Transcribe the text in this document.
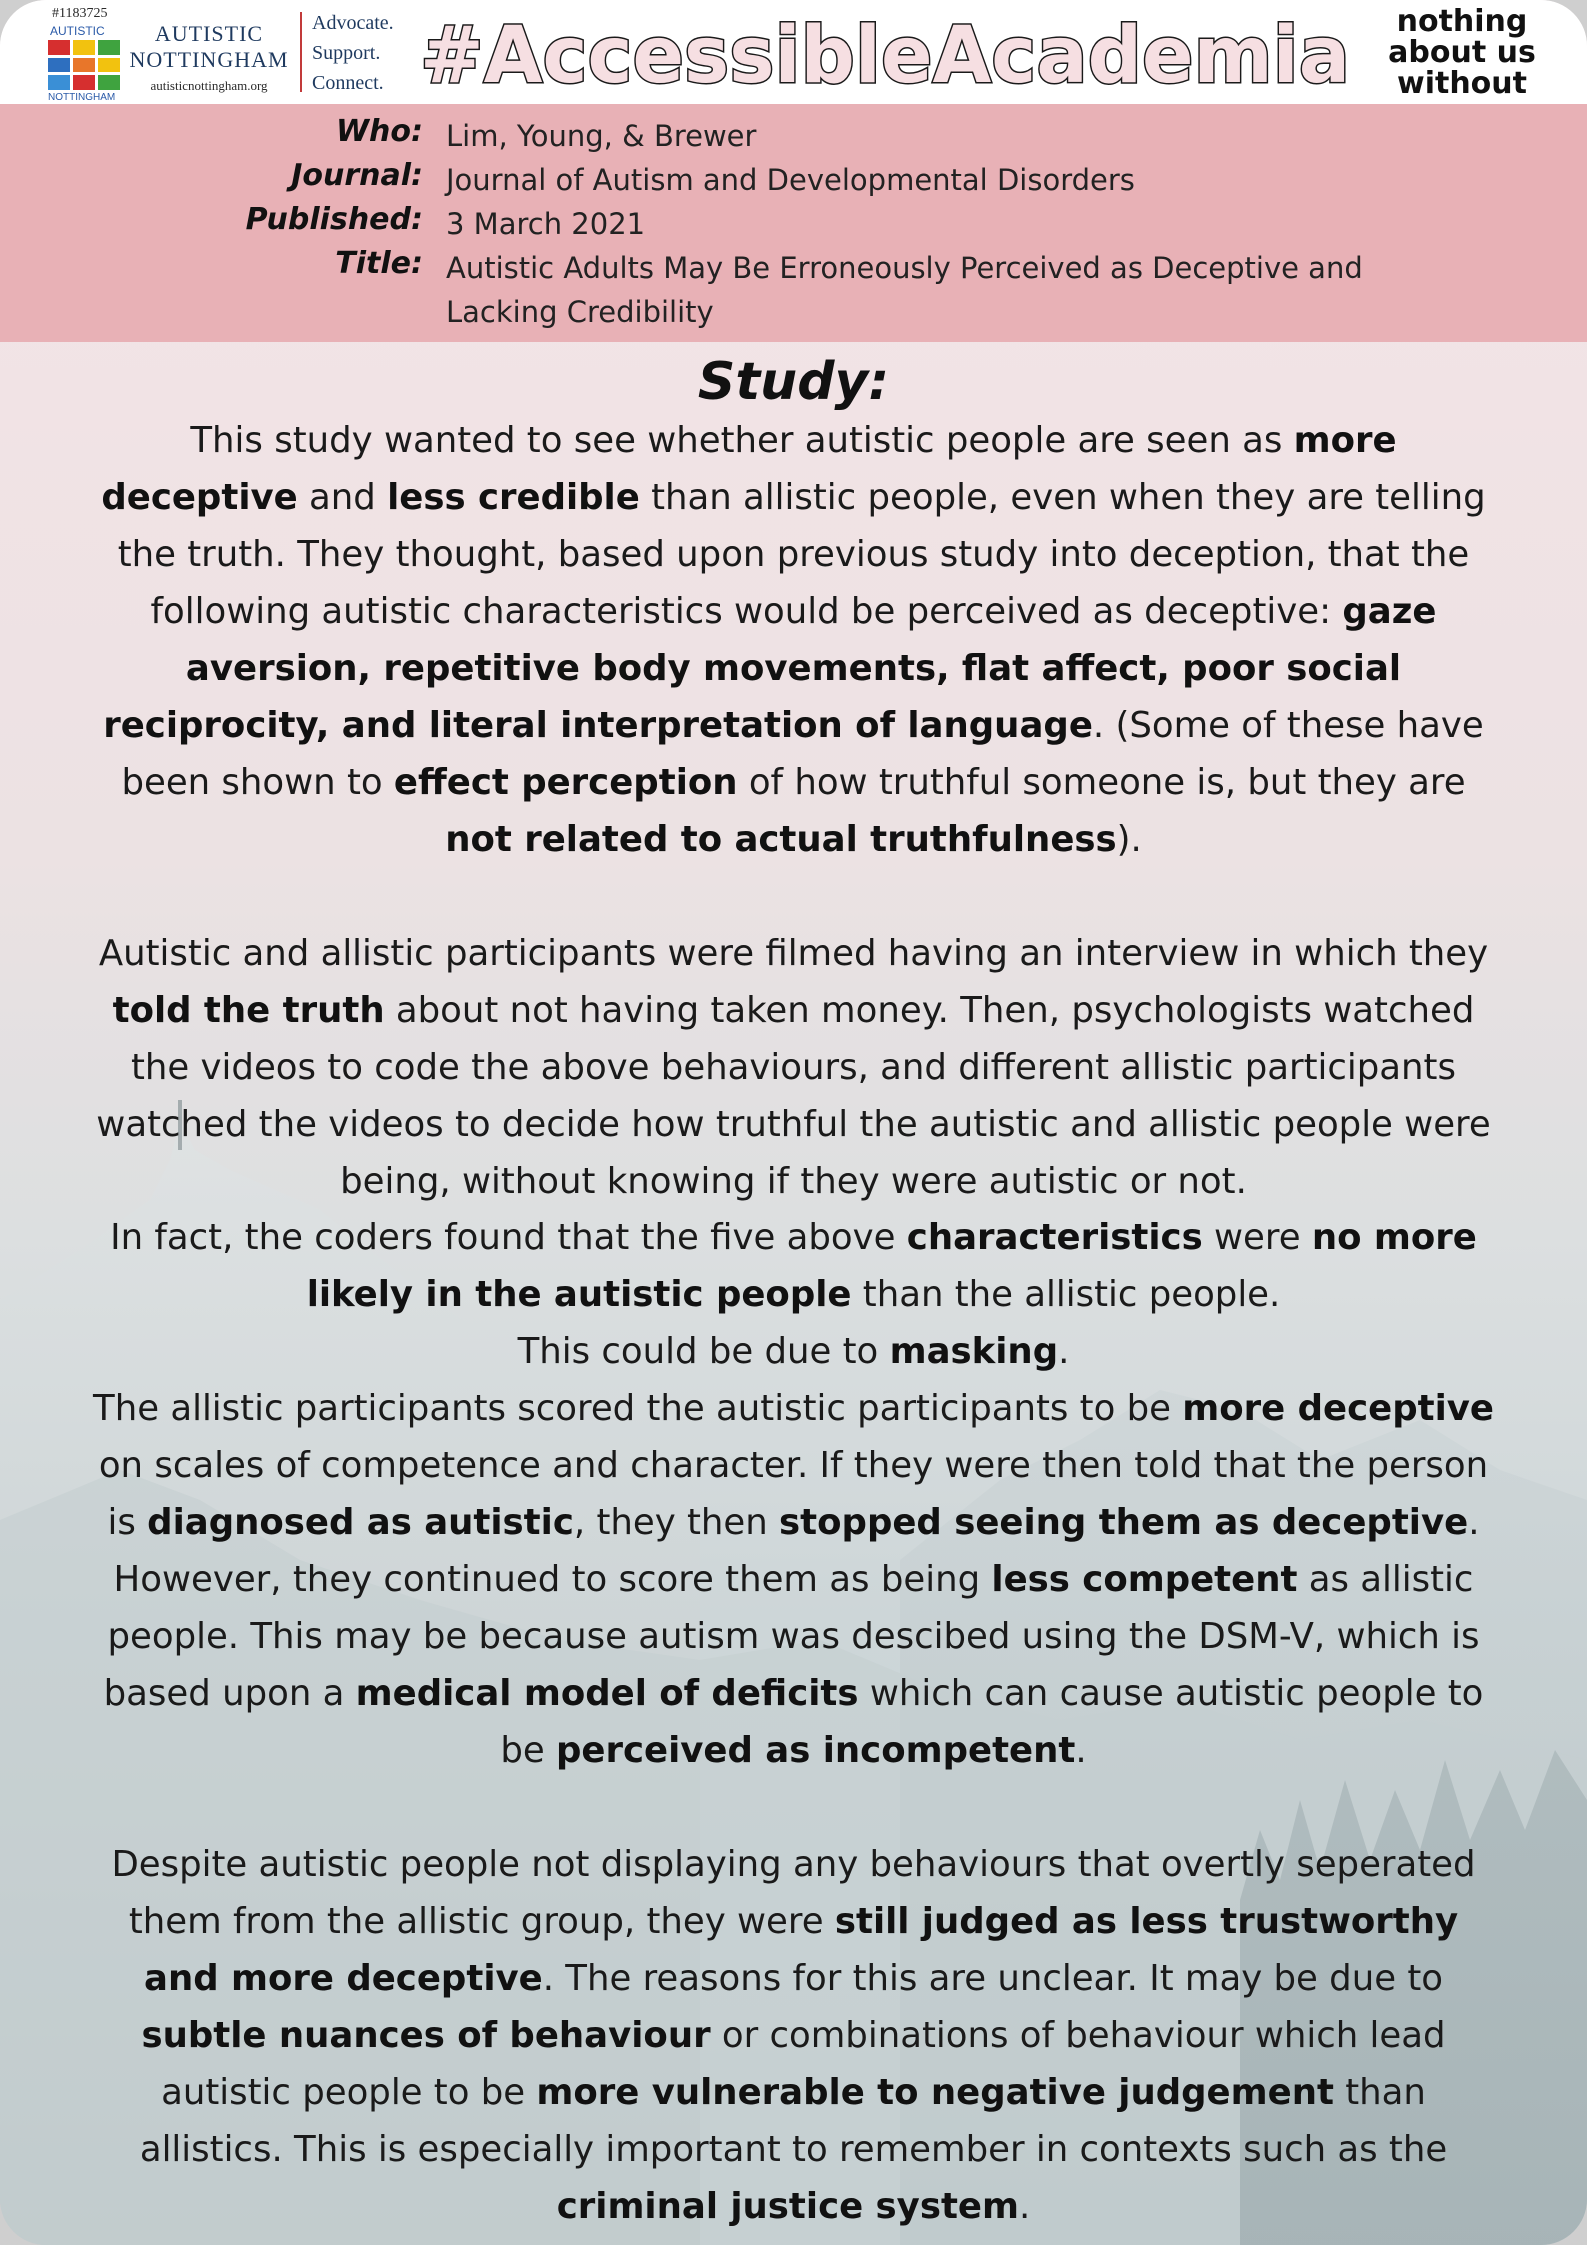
#1183725
AUTISTIC
NOTTINGHAM
AUTISTIC
NOTTINGHAM
autisticnottingham.org
Advocate.
Support.
Connect. #AccessibleAcademia	nothing
about us
without
Who: Lim, Young, & Brewer
Journal: Journal of Autism and Developmental Disorders
Published: 3 March 2021
Title: Autistic Adults May Be Erroneously Perceived as Deceptive and Lacking Credibility
Study:

This study wanted to see whether autistic people are seen as more deceptive and less credible than allistic people, even when they are telling the truth. They thought, based upon previous study into deception, that the following autistic characteristics would be perceived as deceptive: gaze aversion, repetitive body movements, flat affect, poor social reciprocity, and literal interpretation of language. (Some of these have been shown to effect perception of how truthful someone is, but they are not related to actual truthfulness).

Autistic and allistic participants were filmed having an interview in which they told the truth about not having taken money. Then, psychologists watched the videos to code the above behaviours, and different allistic participants watched the videos to decide how truthful the autistic and allistic people were being, without knowing if they were autistic or not.

In fact, the coders found that the five above characteristics were no more likely in the autistic people than the allistic people.

This could be due to masking.

The allistic participants scored the autistic participants to be more deceptive on scales of competence and character. If they were then told that the person is diagnosed as autistic, they then stopped seeing them as deceptive. However, they continued to score them as being less competent as allistic people. This may be because autism was descibed using the DSM-V, which is based upon a medical model of deficits which can cause autistic people to be perceived as incompetent.

Despite autistic people not displaying any behaviours that overtly seperated them from the allistic group, they were still judged as less trustworthy and more deceptive. The reasons for this are unclear. It may be due to subtle nuances of behaviour or combinations of behaviour which lead autistic people to be more vulnerable to negative judgement than allistics. This is especially important to remember in contexts such as the criminal justice system.
